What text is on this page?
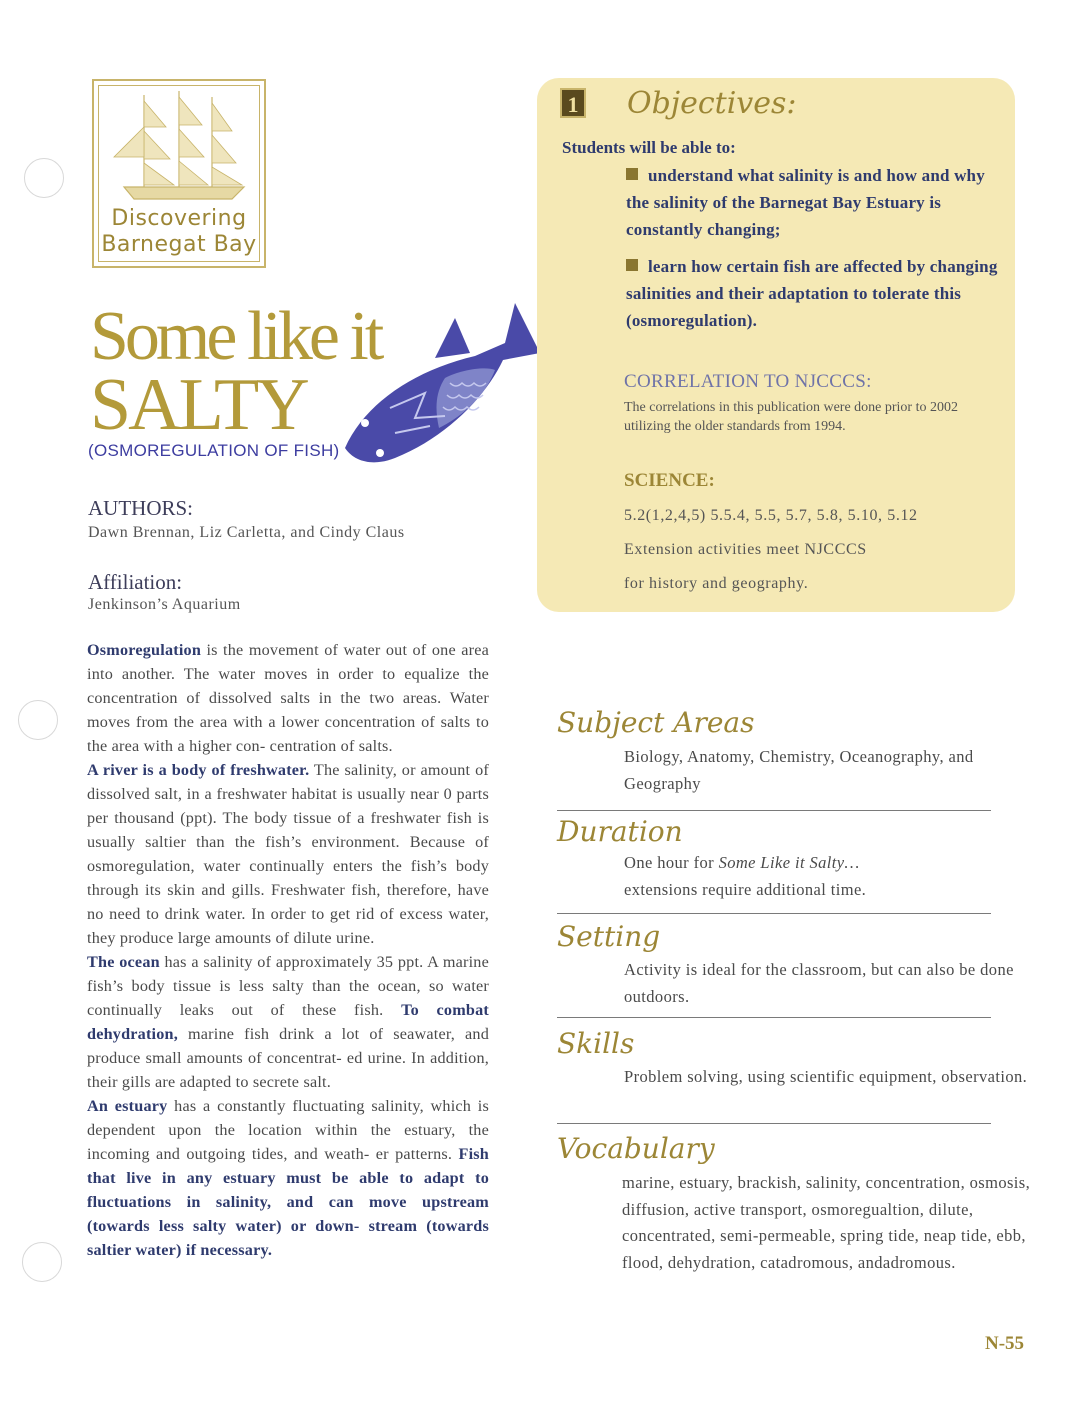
Discovering
Barnegat Bay
Some like it
SALTY
(OSMOREGULATION OF FISH)
AUTHORS:
Dawn Brennan, Liz Carletta, and Cindy Claus
Affiliation:
Jenkinson’s Aquarium

Osmoregulation is the movement of water out of one area into another. The water moves in order to equalize the concentration of dissolved salts in the two areas. Water moves from the area with a lower concentration of salts to the area with a higher con- centration of salts.

A river is a body of freshwater. The salinity, or amount of dissolved salt, in a freshwater habitat is usually near 0 parts per thousand (ppt). The body tissue of a freshwater fish is usually saltier than the fish’s environment. Because of osmoregulation, water continually enters the fish’s body through its skin and gills. Freshwater fish, therefore, have no need to drink water. In order to get rid of excess water, they produce large amounts of dilute urine.

The ocean has a salinity of approximately 35 ppt. A marine fish’s body tissue is less salty than the ocean, so water continually leaks out of these fish. To combat dehydration, marine fish drink a lot of seawater, and produce small amounts of concentrat- ed urine. In addition, their gills are adapted to secrete salt.

An estuary has a constantly fluctuating salinity, which is dependent upon the location within the estuary, the incoming and outgoing tides, and weath- er patterns. Fish that live in any estuary must be able to adapt to fluctuations in salinity, and can move upstream (towards less salty water) or down- stream (towards saltier water) if necessary.

1 Objectives:
Students will be able to:
understand what salinity is and how and why the salinity of the Barnegat Bay Estuary is constantly changing;
learn how certain fish are affected by changing salinities and their adaptation to tolerate this (osmoregulation).
CORRELATION TO NJCCCS:
The correlations in this publication were done prior to 2002 utilizing the older standards from 1994.
SCIENCE:
5.2(1,2,4,5) 5.5.4, 5.5, 5.7, 5.8, 5.10, 5.12
Extension activities meet NJCCCS
for history and geography.
Subject Areas
Biology, Anatomy, Chemistry, Oceanography, and Geography
Duration
One hour for Some Like it Salty…
extensions require additional time.
Setting
Activity is ideal for the classroom, but can also be done outdoors.
Skills
Problem solving, using scientific equipment, observation.
Vocabulary
marine, estuary, brackish, salinity, concentration, osmosis, diffusion, active transport, osmoregualtion, dilute, concentrated, semi-permeable, spring tide, neap tide, ebb, flood, dehydration, catadromous, andadromous.
N-55
